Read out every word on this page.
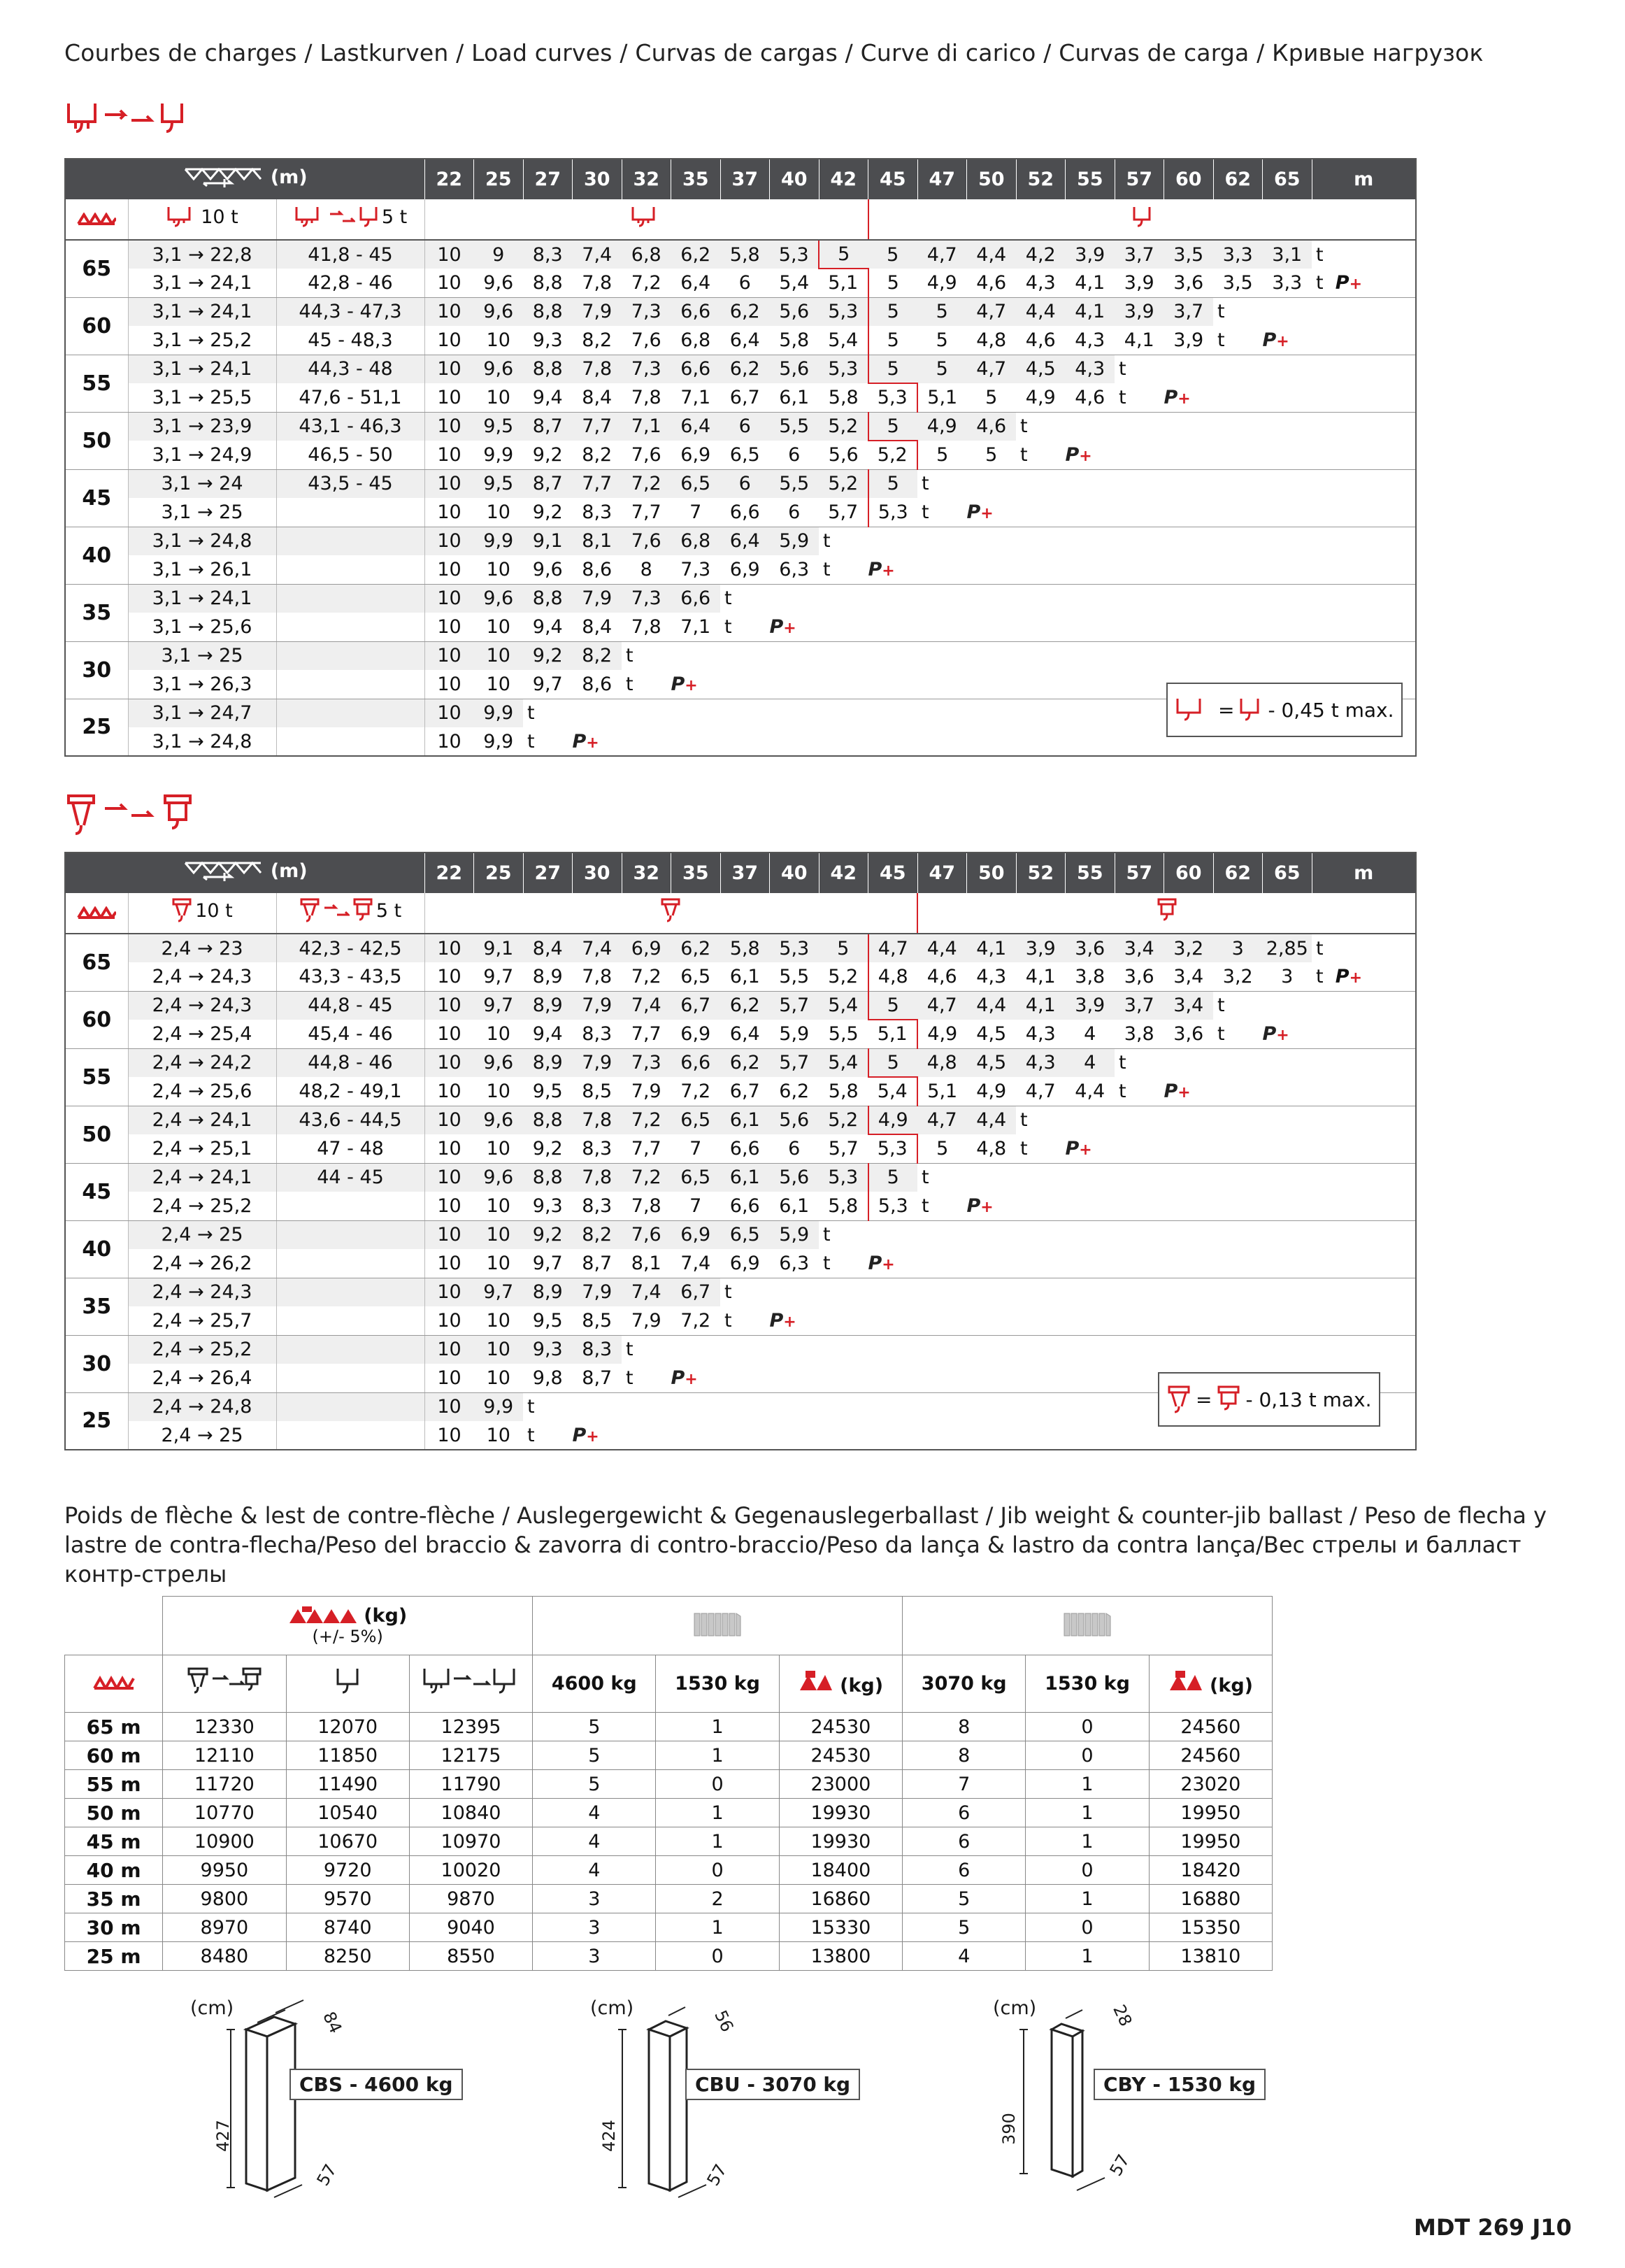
Courbes de charges / Lastkurven / Load curves / Curvas de cargas / Curve di carico / Curvas de carga / Кривые нагрузок
(m)			22	25	27	30	32	35	37	40	42	45	47	50	52	55	57	60	62	65	m

10 t	5 t

65	3,1 → 22,8	41,8 - 45	10	9	8,3	7,4	6,8	6,2	5,8	5,3	5	5	4,7	4,4	4,2	3,9	3,7	3,5	3,3	3,1	t
	3,1 → 24,1	42,8 - 46	10	9,6	8,8	7,8	7,2	6,4	6	5,4	5,1	5	4,9	4,6	4,3	4,1	3,9	3,6	3,5	3,3	t P+
60	3,1 → 24,1	44,3 - 47,3	10	9,6	8,8	7,9	7,3	6,6	6,2	5,6	5,3	5	5	4,7	4,4	4,1	3,9	3,7	t		
	3,1 → 25,2	45 - 48,3	10	10	9,3	8,2	7,6	6,8	6,4	5,8	5,4	5	5	4,8	4,6	4,3	4,1	3,9	t	P+	
55	3,1 → 24,1	44,3 - 48	10	9,6	8,8	7,8	7,3	6,6	6,2	5,6	5,3	5	5	4,7	4,5	4,3	t				
	3,1 → 25,5	47,6 - 51,1	10	10	9,4	8,4	7,8	7,1	6,7	6,1	5,8	5,3	5,1	5	4,9	4,6	t	P+			
50	3,1 → 23,9	43,1 - 46,3	10	9,5	8,7	7,7	7,1	6,4	6	5,5	5,2	5	4,9	4,6	t						
	3,1 → 24,9	46,5 - 50	10	9,9	9,2	8,2	7,6	6,9	6,5	6	5,6	5,2	5	5	t	P+					
45	3,1 → 24	43,5 - 45	10	9,5	8,7	7,7	7,2	6,5	6	5,5	5,2	5	t								
	3,1 → 25		10	10	9,2	8,3	7,7	7	6,6	6	5,7	5,3	t	P+							
40	3,1 → 24,8		10	9,9	9,1	8,1	7,6	6,8	6,4	5,9	t										
	3,1 → 26,1		10	10	9,6	8,6	8	7,3	6,9	6,3	t	P+									
35	3,1 → 24,1		10	9,6	8,8	7,9	7,3	6,6	t												
	3,1 → 25,6		10	10	9,4	8,4	7,8	7,1	t	P+											
30	3,1 → 25		10	10	9,2	8,2	t														
	3,1 → 26,3		10	10	9,7	8,6	t	P+													
25	3,1 → 24,7		10	9,9	t																
	3,1 → 24,8		10	9,9	t	P+															
= - 0,45 t max.
(m)			22	25	27	30	32	35	37	40	42	45	47	50	52	55	57	60	62	65	m

10 t	5 t

65	2,4 → 23	42,3 - 42,5	10	9,1	8,4	7,4	6,9	6,2	5,8	5,3	5	4,7	4,4	4,1	3,9	3,6	3,4	3,2	3	2,85	t
	2,4 → 24,3	43,3 - 43,5	10	9,7	8,9	7,8	7,2	6,5	6,1	5,5	5,2	4,8	4,6	4,3	4,1	3,8	3,6	3,4	3,2	3	t P+
60	2,4 → 24,3	44,8 - 45	10	9,7	8,9	7,9	7,4	6,7	6,2	5,7	5,4	5	4,7	4,4	4,1	3,9	3,7	3,4	t		
	2,4 → 25,4	45,4 - 46	10	10	9,4	8,3	7,7	6,9	6,4	5,9	5,5	5,1	4,9	4,5	4,3	4	3,8	3,6	t	P+	
55	2,4 → 24,2	44,8 - 46	10	9,6	8,9	7,9	7,3	6,6	6,2	5,7	5,4	5	4,8	4,5	4,3	4	t				
	2,4 → 25,6	48,2 - 49,1	10	10	9,5	8,5	7,9	7,2	6,7	6,2	5,8	5,4	5,1	4,9	4,7	4,4	t	P+			
50	2,4 → 24,1	43,6 - 44,5	10	9,6	8,8	7,8	7,2	6,5	6,1	5,6	5,2	4,9	4,7	4,4	t						
	2,4 → 25,1	47 - 48	10	10	9,2	8,3	7,7	7	6,6	6	5,7	5,3	5	4,8	t	P+					
45	2,4 → 24,1	44 - 45	10	9,6	8,8	7,8	7,2	6,5	6,1	5,6	5,3	5	t								
	2,4 → 25,2		10	10	9,3	8,3	7,8	7	6,6	6,1	5,8	5,3	t	P+							
40	2,4 → 25		10	10	9,2	8,2	7,6	6,9	6,5	5,9	t										
	2,4 → 26,2		10	10	9,7	8,7	8,1	7,4	6,9	6,3	t	P+									
35	2,4 → 24,3		10	9,7	8,9	7,9	7,4	6,7	t												
	2,4 → 25,7		10	10	9,5	8,5	7,9	7,2	t	P+											
30	2,4 → 25,2		10	10	9,3	8,3	t														
	2,4 → 26,4		10	10	9,8	8,7	t	P+													
25	2,4 → 24,8		10	9,9	t																
	2,4 → 25		10	10	t	P+															
= - 0,13 t max.
Poids de flèche & lest de contre-flèche / Auslegergewicht & Gegenauslegerballast / Jib weight & counter-jib ballast / Peso de flecha y lastre de contra-flecha/Peso del braccio & zavorra di contro-braccio/Peso da lança & lastro da contra lança/Вес стрелы и балласт контр-стрелы

	(kg)
(+/- 5%)

				4600 kg	1530 kg	(kg)	3070 kg	1530 kg	(kg)
65 m	12330	12070	12395	5	1	24530	8	0	24560
60 m	12110	11850	12175	5	1	24530	8	0	24560
55 m	11720	11490	11790	5	0	23000	7	1	23020
50 m	10770	10540	10840	4	1	19930	6	1	19950
45 m	10900	10670	10970	4	1	19930	6	1	19950
40 m	9950	9720	10020	4	0	18400	6	0	18420
35 m	9800	9570	9870	3	2	16860	5	1	16880
30 m	8970	8740	9040	3	1	15330	5	0	15350
25 m	8480	8250	8550	3	0	13800	4	1	13810
(cm)
CBS - 4600 kg
427
84
57
(cm)
CBU - 3070 kg
424
56
57
(cm)
CBY - 1530 kg
390
28
57
MDT 269 J10
